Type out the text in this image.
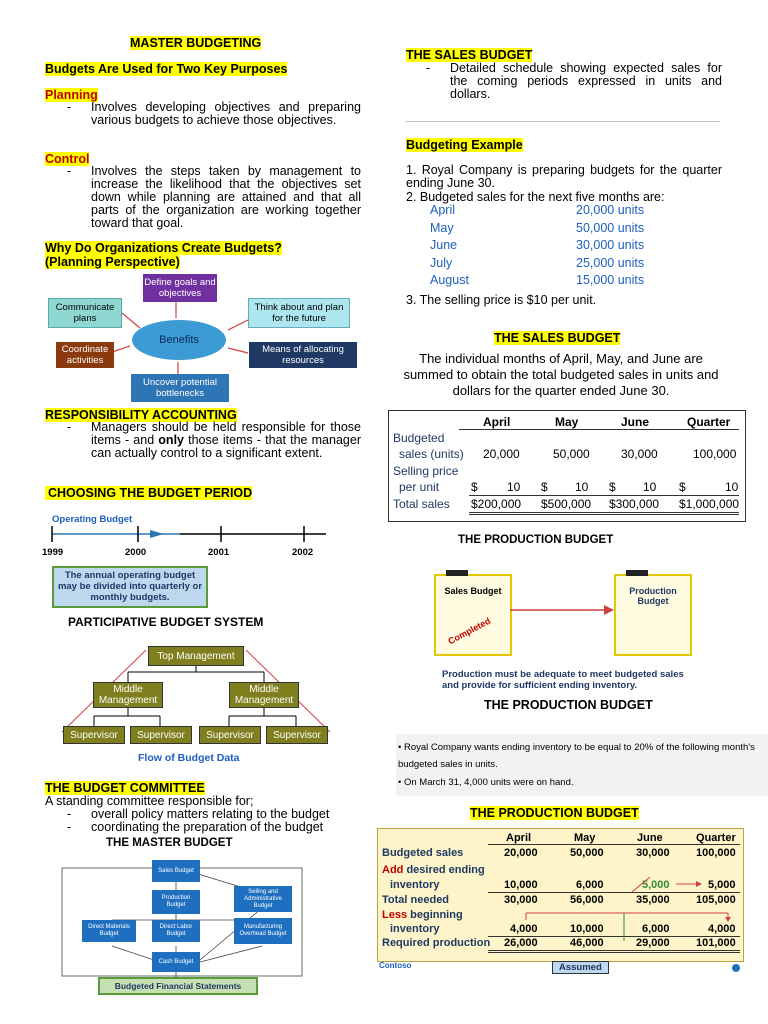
MASTER BUDGETING
Budgets Are Used for Two Key Purposes
Planning
-	Involves developing objectives and preparing various budgets to achieve those objectives.
Control
-	Involves the steps taken by management to increase the likelihood that the objectives set down while planning are attained and that all parts of the organization are working together toward that goal.
Why Do Organizations Create Budgets?
(Planning Perspective)
Define goals and objectives
Communicate plans
Think about and plan for the future
Benefits
Coordinate activities
Means of allocating resources
Uncover potential bottlenecks
RESPONSIBILITY ACCOUNTING
-	Managers should be held responsible for those items - and only those items - that the manager can actually control to a significant extent.
CHOOSING THE BUDGET PERIOD
Operating Budget
1999	2000	2001	2002
The annual operating budget may be divided into quarterly or monthly budgets.
PARTICIPATIVE BUDGET SYSTEM
Top Management
Middle Management
Middle Management
Supervisor Supervisor Supervisor Supervisor
Flow of Budget Data
THE BUDGET COMMITTEE
A standing committee responsible for;
-	overall policy matters relating to the budget
-	coordinating the preparation of the budget
THE MASTER BUDGET
Sales Budget
Production Budget
Selling and Administrative Budget
Direct Materials Budget
Direct Labor Budget
Manufacturing Overhead Budget
Cash Budget
Budgeted Financial Statements
THE SALES BUDGET
-	Detailed schedule showing expected sales for the coming periods expressed in units and dollars.
Budgeting Example
1. Royal Company is preparing budgets for the quarter ending June 30.
2. Budgeted sales for the next five months are:
April	20,000 units
May	50,000 units
June	30,000 units
July	25,000 units
August	15,000 units
3. The selling price is $10 per unit.
THE SALES BUDGET
The individual months of April, May, and June are summed to obtain the total budgeted sales in units and dollars for the quarter ended June 30.
April	May	June	Quarter
Budgeted
sales (units) 20,000	50,000	30,000	100,000
Selling price
per unit	$ 10 $ 10 $ 10 $	10
Total sales $200,000 $500,000 $300,000 $1,000,000
THE PRODUCTION BUDGET
Sales Budget
Completed
Production Budget
Production must be adequate to meet budgeted sales and provide for sufficient ending inventory.
THE PRODUCTION BUDGET
• Royal Company wants ending inventory to be equal to 20% of the following month's budgeted sales in units.
• On March 31, 4,000 units were on hand.
THE PRODUCTION BUDGET
April	May	June	Quarter
Budgeted sales	20,000	50,000	30,000 100,000
Add desired ending
inventory	10,000	6,000	5,000	5,000
Total needed	30,000	56,000	35,000 105,000
Less beginning
inventory	4,000	10,000	6,000	4,000
Required production 26,000	46,000	29,000 101,000
Assumed
Contoso
